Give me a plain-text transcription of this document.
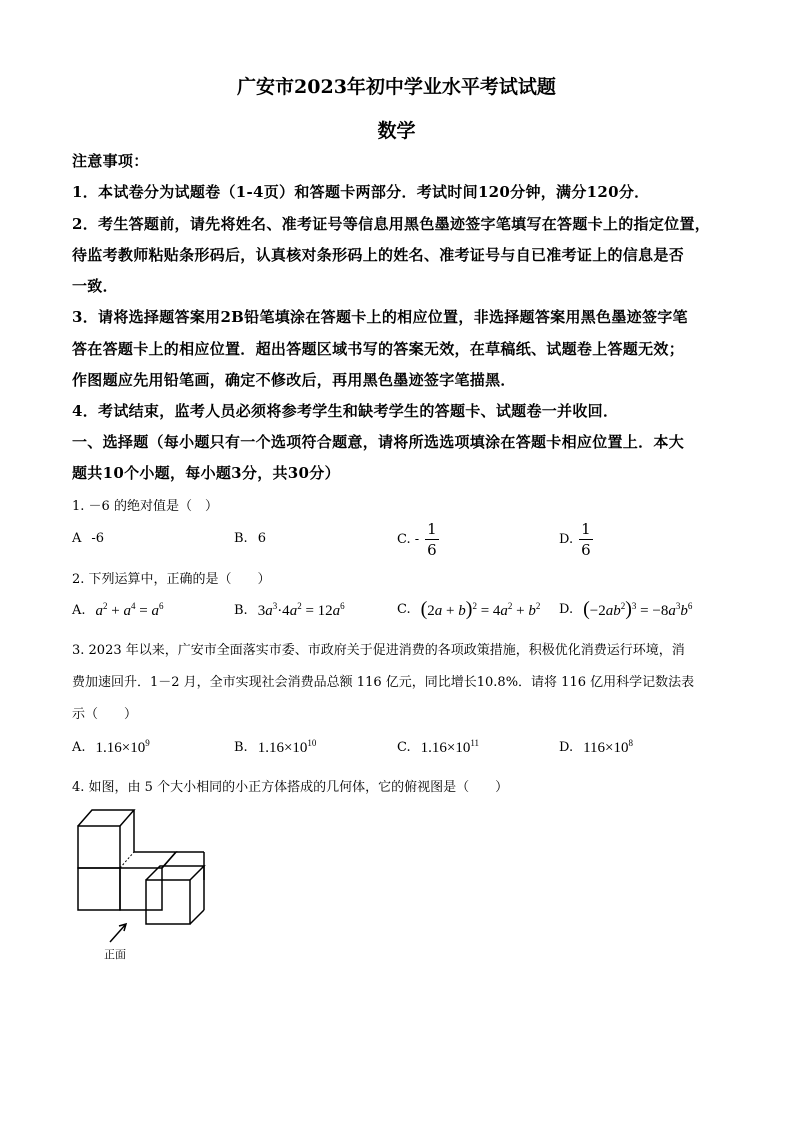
广安市2023年初中学业水平考试试题
数学
注意事项：
1．本试卷分为试题卷（1-4页）和答题卡两部分．考试时间120分钟，满分120分．
2．考生答题前，请先将姓名、准考证号等信息用黑色墨迹签字笔填写在答题卡上的指定位置，
待监考教师粘贴条形码后，认真核对条形码上的姓名、准考证号与自已准考证上的信息是否
一致．
3．请将选择题答案用2B铅笔填涂在答题卡上的相应位置，非选择题答案用黑色墨迹签字笔
答在答题卡上的相应位置．超出答题区域书写的答案无效，在草稿纸、试题卷上答题无效；
作图题应先用铅笔画，确定不修改后，再用黑色墨迹签字笔描黑．
4．考试结束，监考人员必须将参考学生和缺考学生的答题卡、试题卷一并收回．
一、选择题（每小题只有一个选项符合题意，请将所选选项填涂在答题卡相应位置上．本大
题共10个小题，每小题3分，共30分）
1. －6 的绝对值是（　）
A -6	B. 6	C. - $\frac{1}{6}$	D. $\frac{1}{6}$
2. 下列运算中，正确的是（　　）
A. $a^2 + a^4 = a^6$	B. $3a^3\cdot 4a^2 = 12a^6$	C. $(2a + b)^2 = 4a^2 + b^2$ D. $(-2ab^2)^3 = -8a^3b^6$
3. 2023 年以来，广安市全面落实市委、市政府关于促进消费的各项政策措施，积极优化消费运行环境，消
费加速回升．1－2 月，全市实现社会消费品总额 116 亿元，同比增长10.8%．请将 116 亿用科学记数法表
示（　　）
A. $1.16\times 10^9$	B. $1.16\times 10^{10}$	C. $1.16\times 10^{11}$	D. $116\times 10^8$
4. 如图，由 5 个大小相同的小正方体搭成的几何体，它的俯视图是（　　）
正面
